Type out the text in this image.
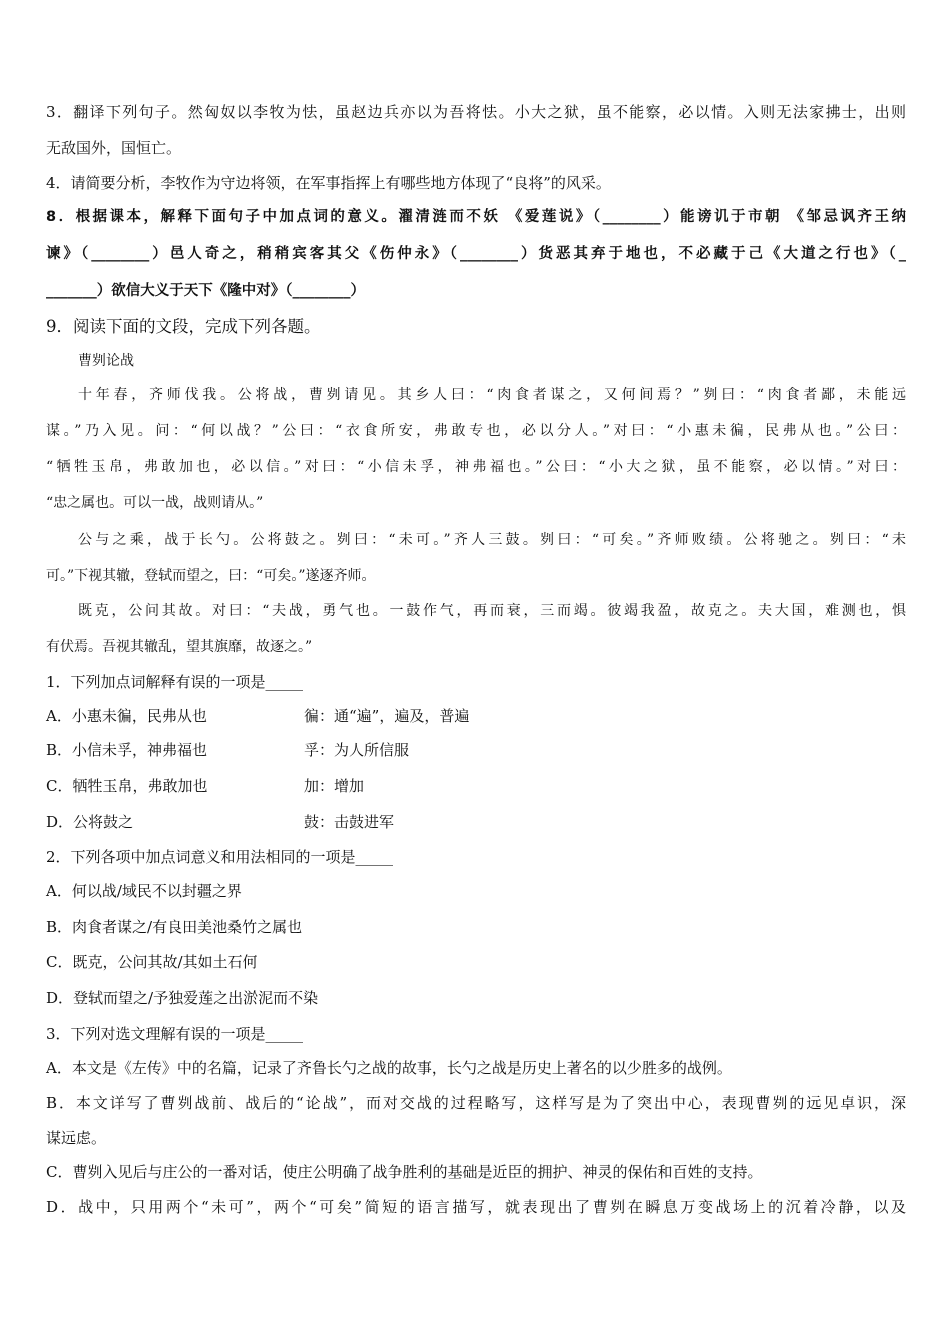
3．翻译下列句子。然匈奴以李牧为怯，虽赵边兵亦以为吾将怯。小大之狱，虽不能察，必以情。入则无法家拂士，出则
无敌国外，国恒亡。
4．请简要分析，李牧作为守边将领，在军事指挥上有哪些地方体现了“良将”的风采。
8．根据课本，解释下面句子中加点词的意义。濯清涟而不妖 《爱莲说》（________）能谤讥于市朝 《邹忌讽齐王纳
谏》（________）邑人奇之，稍稍宾客其父《伤仲永》（________）货恶其弃于地也，不必藏于己《大道之行也》（_
_______）欲信大义于天下《隆中对》（________）
9．阅读下面的文段，完成下列各题。
曹刿论战
十年春，齐师伐我。公将战，曹刿请见。其乡人曰：“肉食者谋之，又何间焉？”刿曰：“肉食者鄙，未能远
谋。”乃入见。问：“何以战？”公曰：“衣食所安，弗敢专也，必以分人。”对曰：“小惠未徧，民弗从也。”公曰：
“牺牲玉帛，弗敢加也，必以信。”对曰：“小信未孚，神弗福也。”公曰：“小大之狱，虽不能察，必以情。”对曰：
“忠之属也。可以一战，战则请从。”
公与之乘，战于长勺。公将鼓之。刿曰：“未可。”齐人三鼓。刿曰：“可矣。”齐师败绩。公将驰之。刿曰：“未
可。”下视其辙，登轼而望之，曰：“可矣。”遂逐齐师。
既克，公问其故。对曰：“夫战，勇气也。一鼓作气，再而衰，三而竭。彼竭我盈，故克之。夫大国，难测也，惧
有伏焉。吾视其辙乱，望其旗靡，故逐之。”
1．下列加点词解释有误的一项是_____
A．小惠未徧，民弗从也	徧：通“遍”，遍及，普遍
B．小信未孚，神弗福也	孚：为人所信服
C．牺牲玉帛，弗敢加也	加：增加
D．公将鼓之	鼓：击鼓进军
2．下列各项中加点词意义和用法相同的一项是_____
A．何以战/域民不以封疆之界
B．肉食者谋之/有良田美池桑竹之属也
C．既克，公问其故/其如土石何
D．登轼而望之/予独爱莲之出淤泥而不染
3．下列对选文理解有误的一项是_____
A．本文是《左传》中的名篇，记录了齐鲁长勺之战的故事，长勺之战是历史上著名的以少胜多的战例。
B．本文详写了曹刿战前、战后的“论战”，而对交战的过程略写，这样写是为了突出中心，表现曹刿的远见卓识，深
谋远虑。
C．曹刿入见后与庄公的一番对话，使庄公明确了战争胜利的基础是近臣的拥护、神灵的保佑和百姓的支持。
D．战中，只用两个“未可”，两个“可矣”简短的语言描写，就表现出了曹刿在瞬息万变战场上的沉着冷静，以及
